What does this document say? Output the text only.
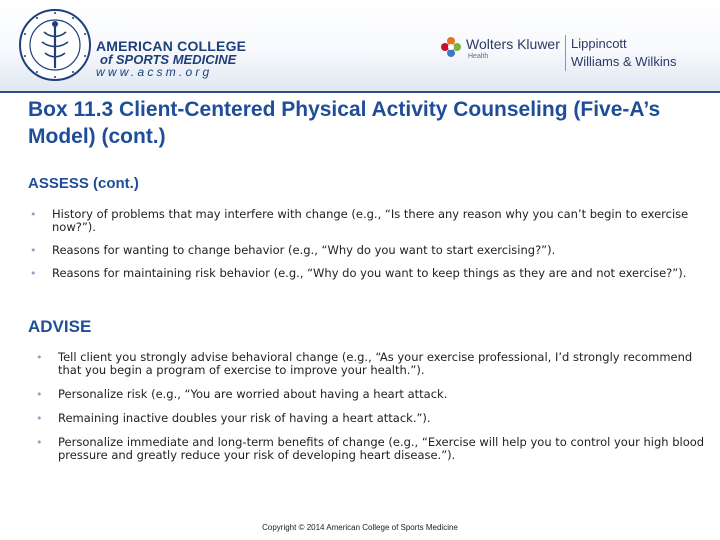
AMERICAN COLLEGE
of SPORTS MEDICINE
www.acsm.org
Wolters Kluwer
Health
Lippincott
Williams & Wilkins
Box 11.3 Client-Centered Physical Activity Counseling (Five-A’s Model) (cont.)
ASSESS (cont.)
• History of problems that may interfere with change (e.g., “Is there any reason why you can’t begin to exercise now?”).
• Reasons for wanting to change behavior (e.g., “Why do you want to start exercising?”).
• Reasons for maintaining risk behavior (e.g., “Why do you want to keep things as they are and not exercise?”).
ADVISE
• Tell client you strongly advise behavioral change (e.g., “As your exercise professional, I’d strongly recommend that you begin a program of exercise to improve your health.”).
• Personalize risk (e.g., “You are worried about having a heart attack.
• Remaining inactive doubles your risk of having a heart attack.”).
• Personalize immediate and long-term benefits of change (e.g., “Exercise will help you to control your high blood pressure and greatly reduce your risk of developing heart disease.”).
Copyright © 2014 American College of Sports Medicine
